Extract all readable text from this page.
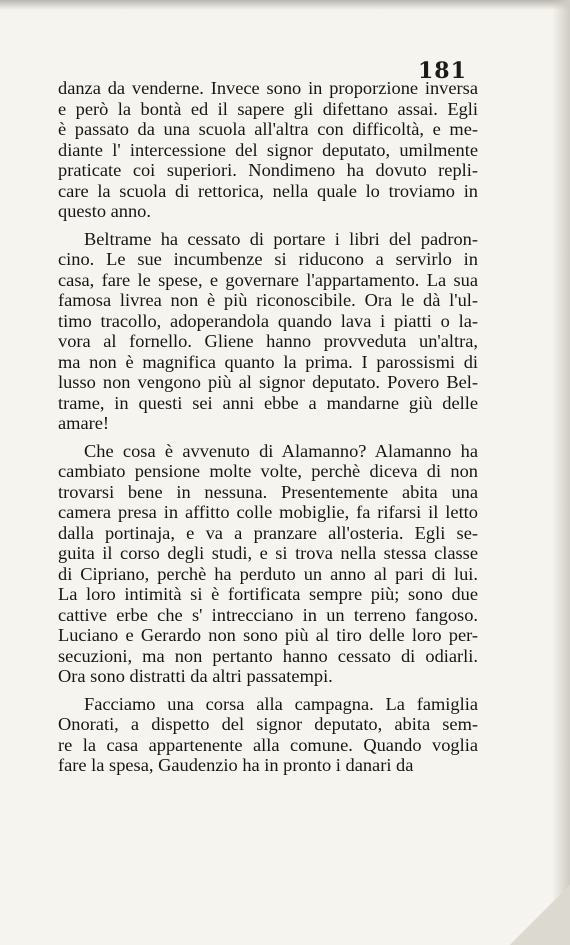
181
danza da venderne. Invece sono in proporzione inversa
e però la bontà ed il sapere gli difettano assai. Egli
è passato da una scuola all'altra con difficoltà, e me-
diante l' intercessione del signor deputato, umilmente
praticate coi superiori. Nondimeno ha dovuto repli-
care la scuola di rettorica, nella quale lo troviamo in
questo anno.
Beltrame ha cessato di portare i libri del padron-
cino. Le sue incumbenze si riducono a servirlo in
casa, fare le spese, e governare l'appartamento. La sua
famosa livrea non è più riconoscibile. Ora le dà l'ul-
timo tracollo, adoperandola quando lava i piatti o la-
vora al fornello. Gliene hanno provveduta un'altra,
ma non è magnifica quanto la prima. I parossismi di
lusso non vengono più al signor deputato. Povero Bel-
trame, in questi sei anni ebbe a mandarne giù delle
amare!
Che cosa è avvenuto di Alamanno? Alamanno ha
cambiato pensione molte volte, perchè diceva di non
trovarsi bene in nessuna. Presentemente abita una
camera presa in affitto colle mobiglie, fa rifarsi il letto
dalla portinaja, e va a pranzare all'osteria. Egli se-
guita il corso degli studi, e si trova nella stessa classe
di Cipriano, perchè ha perduto un anno al pari di lui.
La loro intimità si è fortificata sempre più; sono due
cattive erbe che s' intrecciano in un terreno fangoso.
Luciano e Gerardo non sono più al tiro delle loro per-
secuzioni, ma non pertanto hanno cessato di odiarli.
Ora sono distratti da altri passatempi.
Facciamo una corsa alla campagna. La famiglia
Onorati, a dispetto del signor deputato, abita sem-
re la casa appartenente alla comune. Quando voglia
fare la spesa, Gaudenzio ha in pronto i danari da
